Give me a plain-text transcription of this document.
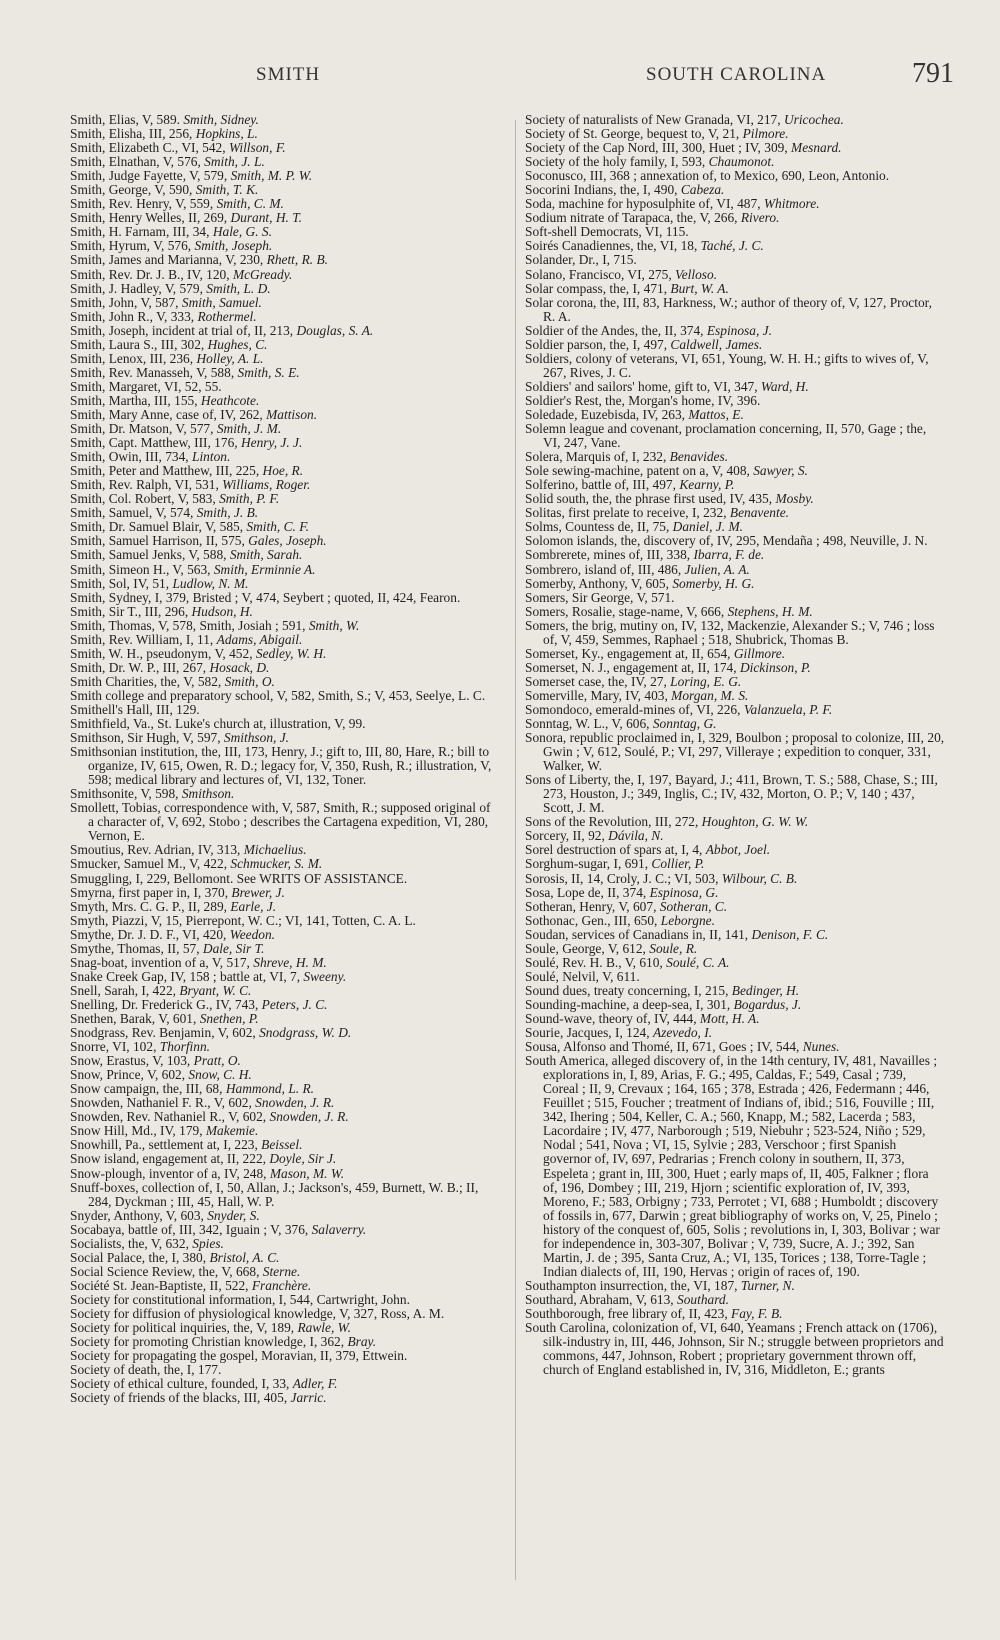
SMITH	SOUTH CAROLINA	791
Smith, Elias, V, 589. Smith, Sidney.
Smith, Elisha, III, 256, Hopkins, L.
Smith, Elizabeth C., VI, 542, Willson, F.
Smith, Elnathan, V, 576, Smith, J. L.
Smith, Judge Fayette, V, 579, Smith, M. P. W.
Smith, George, V, 590, Smith, T. K.
Smith, Rev. Henry, V, 559, Smith, C. M.
Smith, Henry Welles, II, 269, Durant, H. T.
Smith, H. Farnam, III, 34, Hale, G. S.
Smith, Hyrum, V, 576, Smith, Joseph.
Smith, James and Marianna, V, 230, Rhett, R. B.
Smith, Rev. Dr. J. B., IV, 120, McGready.
Smith, J. Hadley, V, 579, Smith, L. D.
Smith, John, V, 587, Smith, Samuel.
Smith, John R., V, 333, Rothermel.
Smith, Joseph, incident at trial of, II, 213, Douglas, S. A.
Smith, Laura S., III, 302, Hughes, C.
Smith, Lenox, III, 236, Holley, A. L.
Smith, Rev. Manasseh, V, 588, Smith, S. E.
Smith, Margaret, VI, 52, 55.
Smith, Martha, III, 155, Heathcote.
Smith, Mary Anne, case of, IV, 262, Mattison.
Smith, Dr. Matson, V, 577, Smith, J. M.
Smith, Capt. Matthew, III, 176, Henry, J. J.
Smith, Owin, III, 734, Linton.
Smith, Peter and Matthew, III, 225, Hoe, R.
Smith, Rev. Ralph, VI, 531, Williams, Roger.
Smith, Col. Robert, V, 583, Smith, P. F.
Smith, Samuel, V, 574, Smith, J. B.
Smith, Dr. Samuel Blair, V, 585, Smith, C. F.
Smith, Samuel Harrison, II, 575, Gales, Joseph.
Smith, Samuel Jenks, V, 588, Smith, Sarah.
Smith, Simeon H., V, 563, Smith, Erminnie A.
Smith, Sol, IV, 51, Ludlow, N. M.
Smith, Sydney, I, 379, Bristed ; V, 474, Seybert ; quoted, II, 424, Fearon.
Smith, Sir T., III, 296, Hudson, H.
Smith, Thomas, V, 578, Smith, Josiah ; 591, Smith, W.
Smith, Rev. William, I, 11, Adams, Abigail.
Smith, W. H., pseudonym, V, 452, Sedley, W. H.
Smith, Dr. W. P., III, 267, Hosack, D.
Smith Charities, the, V, 582, Smith, O.
Smith college and preparatory school, V, 582, Smith, S.; V, 453, Seelye, L. C.
Smithell's Hall, III, 129.
Smithfield, Va., St. Luke's church at, illustration, V, 99.
Smithson, Sir Hugh, V, 597, Smithson, J.
Smithsonian institution, the, III, 173, Henry, J.; gift to, III, 80, Hare, R.; bill to organize, IV, 615, Owen, R. D.; legacy for, V, 350, Rush, R.; illustration, V, 598; medical library and lectures of, VI, 132, Toner.
Smithsonite, V, 598, Smithson.
Smollett, Tobias, correspondence with, V, 587, Smith, R.; supposed original of a character of, V, 692, Stobo ; describes the Cartagena expedition, VI, 280, Vernon, E.
Smoutius, Rev. Adrian, IV, 313, Michaelius.
Smucker, Samuel M., V, 422, Schmucker, S. M.
Smuggling, I, 229, Bellomont. See WRITS OF ASSISTANCE.
Smyrna, first paper in, I, 370, Brewer, J.
Smyth, Mrs. C. G. P., II, 289, Earle, J.
Smyth, Piazzi, V, 15, Pierrepont, W. C.; VI, 141, Totten, C. A. L.
Smythe, Dr. J. D. F., VI, 420, Weedon.
Smythe, Thomas, II, 57, Dale, Sir T.
Snag-boat, invention of a, V, 517, Shreve, H. M.
Snake Creek Gap, IV, 158 ; battle at, VI, 7, Sweeny.
Snell, Sarah, I, 422, Bryant, W. C.
Snelling, Dr. Frederick G., IV, 743, Peters, J. C.
Snethen, Barak, V, 601, Snethen, P.
Snodgrass, Rev. Benjamin, V, 602, Snodgrass, W. D.
Snorre, VI, 102, Thorfinn.
Snow, Erastus, V, 103, Pratt, O.
Snow, Prince, V, 602, Snow, C. H.
Snow campaign, the, III, 68, Hammond, L. R.
Snowden, Nathaniel F. R., V, 602, Snowden, J. R.
Snowden, Rev. Nathaniel R., V, 602, Snowden, J. R.
Snow Hill, Md., IV, 179, Makemie.
Snowhill, Pa., settlement at, I, 223, Beissel.
Snow island, engagement at, II, 222, Doyle, Sir J.
Snow-plough, inventor of a, IV, 248, Mason, M. W.
Snuff-boxes, collection of, I, 50, Allan, J.; Jackson's, 459, Burnett, W. B.; II, 284, Dyckman ; III, 45, Hall, W. P.
Snyder, Anthony, V, 603, Snyder, S.
Socabaya, battle of, III, 342, Iguain ; V, 376, Salaverry.
Socialists, the, V, 632, Spies.
Social Palace, the, I, 380, Bristol, A. C.
Social Science Review, the, V, 668, Sterne.
Société St. Jean-Baptiste, II, 522, Franchère.
Society for constitutional information, I, 544, Cartwright, John.
Society for diffusion of physiological knowledge, V, 327, Ross, A. M.
Society for political inquiries, the, V, 189, Rawle, W.
Society for promoting Christian knowledge, I, 362, Bray.
Society for propagating the gospel, Moravian, II, 379, Ettwein.
Society of death, the, I, 177.
Society of ethical culture, founded, I, 33, Adler, F.
Society of friends of the blacks, III, 405, Jarric.
Society of naturalists of New Granada, VI, 217, Uricochea.
Society of St. George, bequest to, V, 21, Pilmore.
Society of the Cap Nord, III, 300, Huet ; IV, 309, Mesnard.
Society of the holy family, I, 593, Chaumonot.
Soconusco, III, 368 ; annexation of, to Mexico, 690, Leon, Antonio.
Socorini Indians, the, I, 490, Cabeza.
Soda, machine for hyposulphite of, VI, 487, Whitmore.
Sodium nitrate of Tarapaca, the, V, 266, Rivero.
Soft-shell Democrats, VI, 115.
Soirés Canadiennes, the, VI, 18, Taché, J. C.
Solander, Dr., I, 715.
Solano, Francisco, VI, 275, Velloso.
Solar compass, the, I, 471, Burt, W. A.
Solar corona, the, III, 83, Harkness, W.; author of theory of, V, 127, Proctor, R. A.
Soldier of the Andes, the, II, 374, Espinosa, J.
Soldier parson, the, I, 497, Caldwell, James.
Soldiers, colony of veterans, VI, 651, Young, W. H. H.; gifts to wives of, V, 267, Rives, J. C.
Soldiers' and sailors' home, gift to, VI, 347, Ward, H.
Soldier's Rest, the, Morgan's home, IV, 396.
Soledade, Euzebisda, IV, 263, Mattos, E.
Solemn league and covenant, proclamation concerning, II, 570, Gage ; the, VI, 247, Vane.
Solera, Marquis of, I, 232, Benavides.
Sole sewing-machine, patent on a, V, 408, Sawyer, S.
Solferino, battle of, III, 497, Kearny, P.
Solid south, the, the phrase first used, IV, 435, Mosby.
Solitas, first prelate to receive, I, 232, Benavente.
Solms, Countess de, II, 75, Daniel, J. M.
Solomon islands, the, discovery of, IV, 295, Mendaña ; 498, Neuville, J. N.
Sombrerete, mines of, III, 338, Ibarra, F. de.
Sombrero, island of, III, 486, Julien, A. A.
Somerby, Anthony, V, 605, Somerby, H. G.
Somers, Sir George, V, 571.
Somers, Rosalie, stage-name, V, 666, Stephens, H. M.
Somers, the brig, mutiny on, IV, 132, Mackenzie, Alexander S.; V, 746 ; loss of, V, 459, Semmes, Raphael ; 518, Shubrick, Thomas B.
Somerset, Ky., engagement at, II, 654, Gillmore.
Somerset, N. J., engagement at, II, 174, Dickinson, P.
Somerset case, the, IV, 27, Loring, E. G.
Somerville, Mary, IV, 403, Morgan, M. S.
Somondoco, emerald-mines of, VI, 226, Valanzuela, P. F.
Sonntag, W. L., V, 606, Sonntag, G.
Sonora, republic proclaimed in, I, 329, Boulbon ; proposal to colonize, III, 20, Gwin ; V, 612, Soulé, P.; VI, 297, Villeraye ; expedition to conquer, 331, Walker, W.
Sons of Liberty, the, I, 197, Bayard, J.; 411, Brown, T. S.; 588, Chase, S.; III, 273, Houston, J.; 349, Inglis, C.; IV, 432, Morton, O. P.; V, 140 ; 437, Scott, J. M.
Sons of the Revolution, III, 272, Houghton, G. W. W.
Sorcery, II, 92, Dávila, N.
Sorel destruction of spars at, I, 4, Abbot, Joel.
Sorghum-sugar, I, 691, Collier, P.
Sorosis, II, 14, Croly, J. C.; VI, 503, Wilbour, C. B.
Sosa, Lope de, II, 374, Espinosa, G.
Sotheran, Henry, V, 607, Sotheran, C.
Sothonac, Gen., III, 650, Leborgne.
Soudan, services of Canadians in, II, 141, Denison, F. C.
Soule, George, V, 612, Soule, R.
Soulé, Rev. H. B., V, 610, Soulé, C. A.
Soulé, Nelvil, V, 611.
Sound dues, treaty concerning, I, 215, Bedinger, H.
Sounding-machine, a deep-sea, I, 301, Bogardus, J.
Sound-wave, theory of, IV, 444, Mott, H. A.
Sourie, Jacques, I, 124, Azevedo, I.
Sousa, Alfonso and Thomé, II, 671, Goes ; IV, 544, Nunes.
South America, alleged discovery of, in the 14th century, IV, 481, Navailles ; explorations in, I, 89, Arias, F. G.; 495, Caldas, F.; 549, Casal ; 739, Coreal ; II, 9, Crevaux ; 164, 165 ; 378, Estrada ; 426, Federmann ; 446, Feuillet ; 515, Foucher ; treatment of Indians of, ibid.; 516, Fouville ; III, 342, Ihering ; 504, Keller, C. A.; 560, Knapp, M.; 582, Lacerda ; 583, Lacordaire ; IV, 477, Narborough ; 519, Niebuhr ; 523-524, Niño ; 529, Nodal ; 541, Nova ; VI, 15, Sylvie ; 283, Verschoor ; first Spanish governor of, IV, 697, Pedrarias ; French colony in southern, II, 373, Espeleta ; grant in, III, 300, Huet ; early maps of, II, 405, Falkner ; flora of, 196, Dombey ; III, 219, Hjorn ; scientific exploration of, IV, 393, Moreno, F.; 583, Orbigny ; 733, Perrotet ; VI, 688 ; Humboldt ; discovery of fossils in, 677, Darwin ; great bibliography of works on, V, 25, Pinelo ; history of the conquest of, 605, Solis ; revolutions in, I, 303, Bolivar ; war for independence in, 303-307, Bolivar ; V, 739, Sucre, A. J.; 392, San Martin, J. de ; 395, Santa Cruz, A.; VI, 135, Torices ; 138, Torre-Tagle ; Indian dialects of, III, 190, Hervas ; origin of races of, 190.
Southampton insurrection, the, VI, 187, Turner, N.
Southard, Abraham, V, 613, Southard.
Southborough, free library of, II, 423, Fay, F. B.
South Carolina, colonization of, VI, 640, Yeamans ; French attack on (1706), silk-industry in, III, 446, Johnson, Sir N.; struggle between proprietors and commons, 447, Johnson, Robert ; proprietary government thrown off, church of England established in, IV, 316, Middleton, E.; grants
